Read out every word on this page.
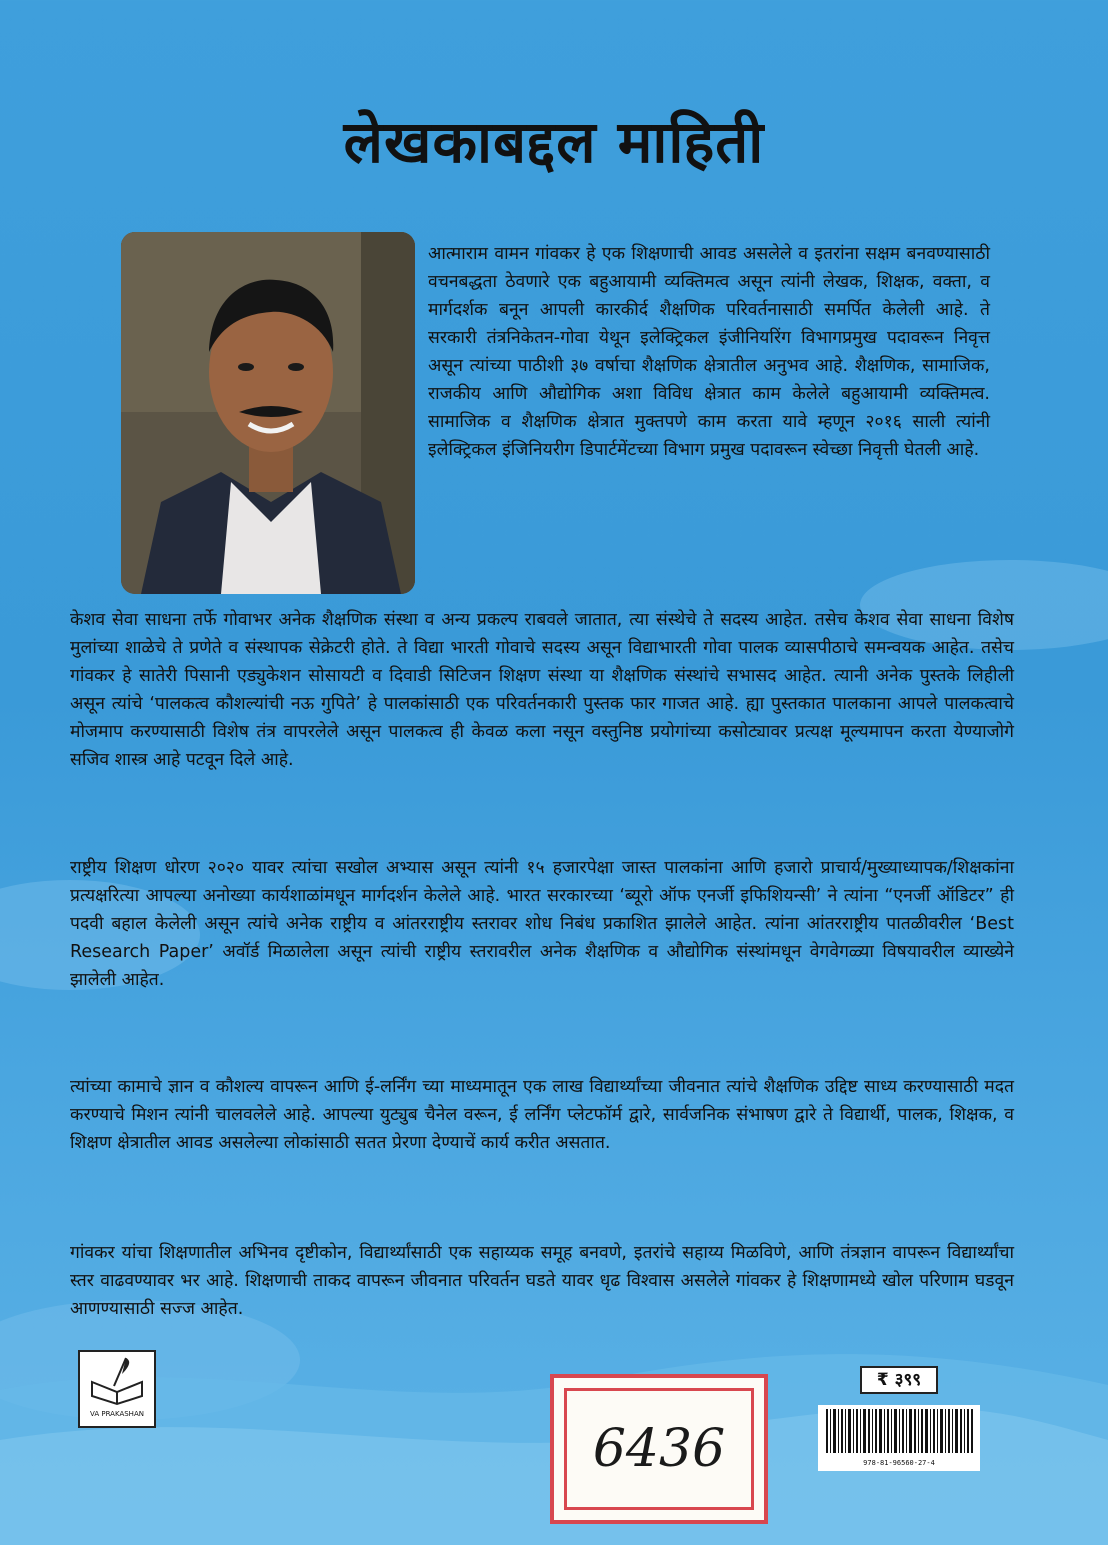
लेखकाबद्दल माहिती
आत्माराम वामन गांवकर हे एक शिक्षणाची आवड असलेले व इतरांना सक्षम बनवण्यासाठी वचनबद्धता ठेवणारे एक बहुआयामी व्यक्तिमत्व असून त्यांनी लेखक, शिक्षक, वक्ता, व मार्गदर्शक बनून आपली कारकीर्द शैक्षणिक परिवर्तनासाठी समर्पित केलेली आहे. ते सरकारी तंत्रनिकेतन-गोवा येथून इलेक्ट्रिकल इंजीनियरिंग विभागप्रमुख पदावरून निवृत्त असून त्यांच्या पाठीशी ३७ वर्षाचा शैक्षणिक क्षेत्रातील अनुभव आहे. शैक्षणिक, सामाजिक, राजकीय आणि औद्योगिक अशा विविध क्षेत्रात काम केलेले बहुआयामी व्यक्तिमत्व. सामाजिक व शैक्षणिक क्षेत्रात मुक्तपणे काम करता यावे म्हणून २०१६ साली त्यांनी इलेक्ट्रिकल इंजिनियरीग डिपार्टमेंटच्या विभाग प्रमुख पदावरून स्वेच्छा निवृत्ती घेतली आहे.
केशव सेवा साधना तर्फे गोवाभर अनेक शैक्षणिक संस्था व अन्य प्रकल्प राबवले जातात, त्या संस्थेचे ते सदस्य आहेत. तसेच केशव सेवा साधना विशेष मुलांच्या शाळेचे ते प्रणेते व संस्थापक सेक्रेटरी होते. ते विद्या भारती गोवाचे सदस्य असून विद्याभारती गोवा पालक व्यासपीठाचे समन्वयक आहेत. तसेच गांवकर हे सातेरी पिसानी एड्युकेशन सोसायटी व दिवाडी सिटिजन शिक्षण संस्था या शैक्षणिक संस्थांचे सभासद आहेत. त्यानी अनेक पुस्तके लिहीली असून त्यांचे ‘पालकत्व कौशल्यांची नऊ गुपिते’ हे पालकांसाठी एक परिवर्तनकारी पुस्तक फार गाजत आहे. ह्या पुस्तकात पालकाना आपले पालकत्वाचे मोजमाप करण्यासाठी विशेष तंत्र वापरलेले असून पालकत्व ही केवळ कला नसून वस्तुनिष्ठ प्रयोगांच्या कसोट्यावर प्रत्यक्ष मूल्यमापन करता येण्याजोगे सजिव शास्त्र आहे पटवून दिले आहे.
राष्ट्रीय शिक्षण धोरण २०२० यावर त्यांचा सखोल अभ्यास असून त्यांनी १५ हजारपेक्षा जास्त पालकांना आणि हजारो प्राचार्य/मुख्याध्यापक/शिक्षकांना प्रत्यक्षरित्या आपल्या अनोख्या कार्यशाळांमधून मार्गदर्शन केलेले आहे. भारत सरकारच्या ‘ब्यूरो ऑफ एनर्जी इफिशियन्सी’ ने त्यांना “एनर्जी ऑडिटर” ही पदवी बहाल केलेली असून त्यांचे अनेक राष्ट्रीय व आंतरराष्ट्रीय स्तरावर शोध निबंध प्रकाशित झालेले आहेत. त्यांना आंतरराष्ट्रीय पातळीवरील ‘Best Research Paper’ अवॉर्ड मिळालेला असून त्यांची राष्ट्रीय स्तरावरील अनेक शैक्षणिक व औद्योगिक संस्थांमधून वेगवेगळ्या विषयावरील व्याख्येने झालेली आहेत.
त्यांच्या कामाचे ज्ञान व कौशल्य वापरून आणि ई-लर्निंग च्या माध्यमातून एक लाख विद्यार्थ्यांच्या जीवनात त्यांचे शैक्षणिक उद्दिष्ट साध्य करण्यासाठी मदत करण्याचे मिशन त्यांनी चालवलेले आहे. आपल्या युट्युब चैनेल वरून, ई लर्निंग प्लेटफॉर्म द्वारे, सार्वजनिक संभाषण द्वारे ते विद्यार्थी, पालक, शिक्षक, व शिक्षण क्षेत्रातील आवड असलेल्या लोकांसाठी सतत प्रेरणा देण्याचें कार्य करीत असतात.
गांवकर यांचा शिक्षणातील अभिनव दृष्टीकोन, विद्यार्थ्यांसाठी एक सहाय्यक समूह बनवणे, इतरांचे सहाय्य मिळविणे, आणि तंत्रज्ञान वापरून विद्यार्थ्यांचा स्तर वाढवण्यावर भर आहे. शिक्षणाची ताकद वापरून जीवनात परिवर्तन घडते यावर धृढ विश्वास असलेले गांवकर हे शिक्षणामध्ये खोल परिणाम घडवून आणण्यासाठी सज्ज आहेत.
VA PRAKASHAN
6436
₹ ३९९
978-81-96560-27-4
